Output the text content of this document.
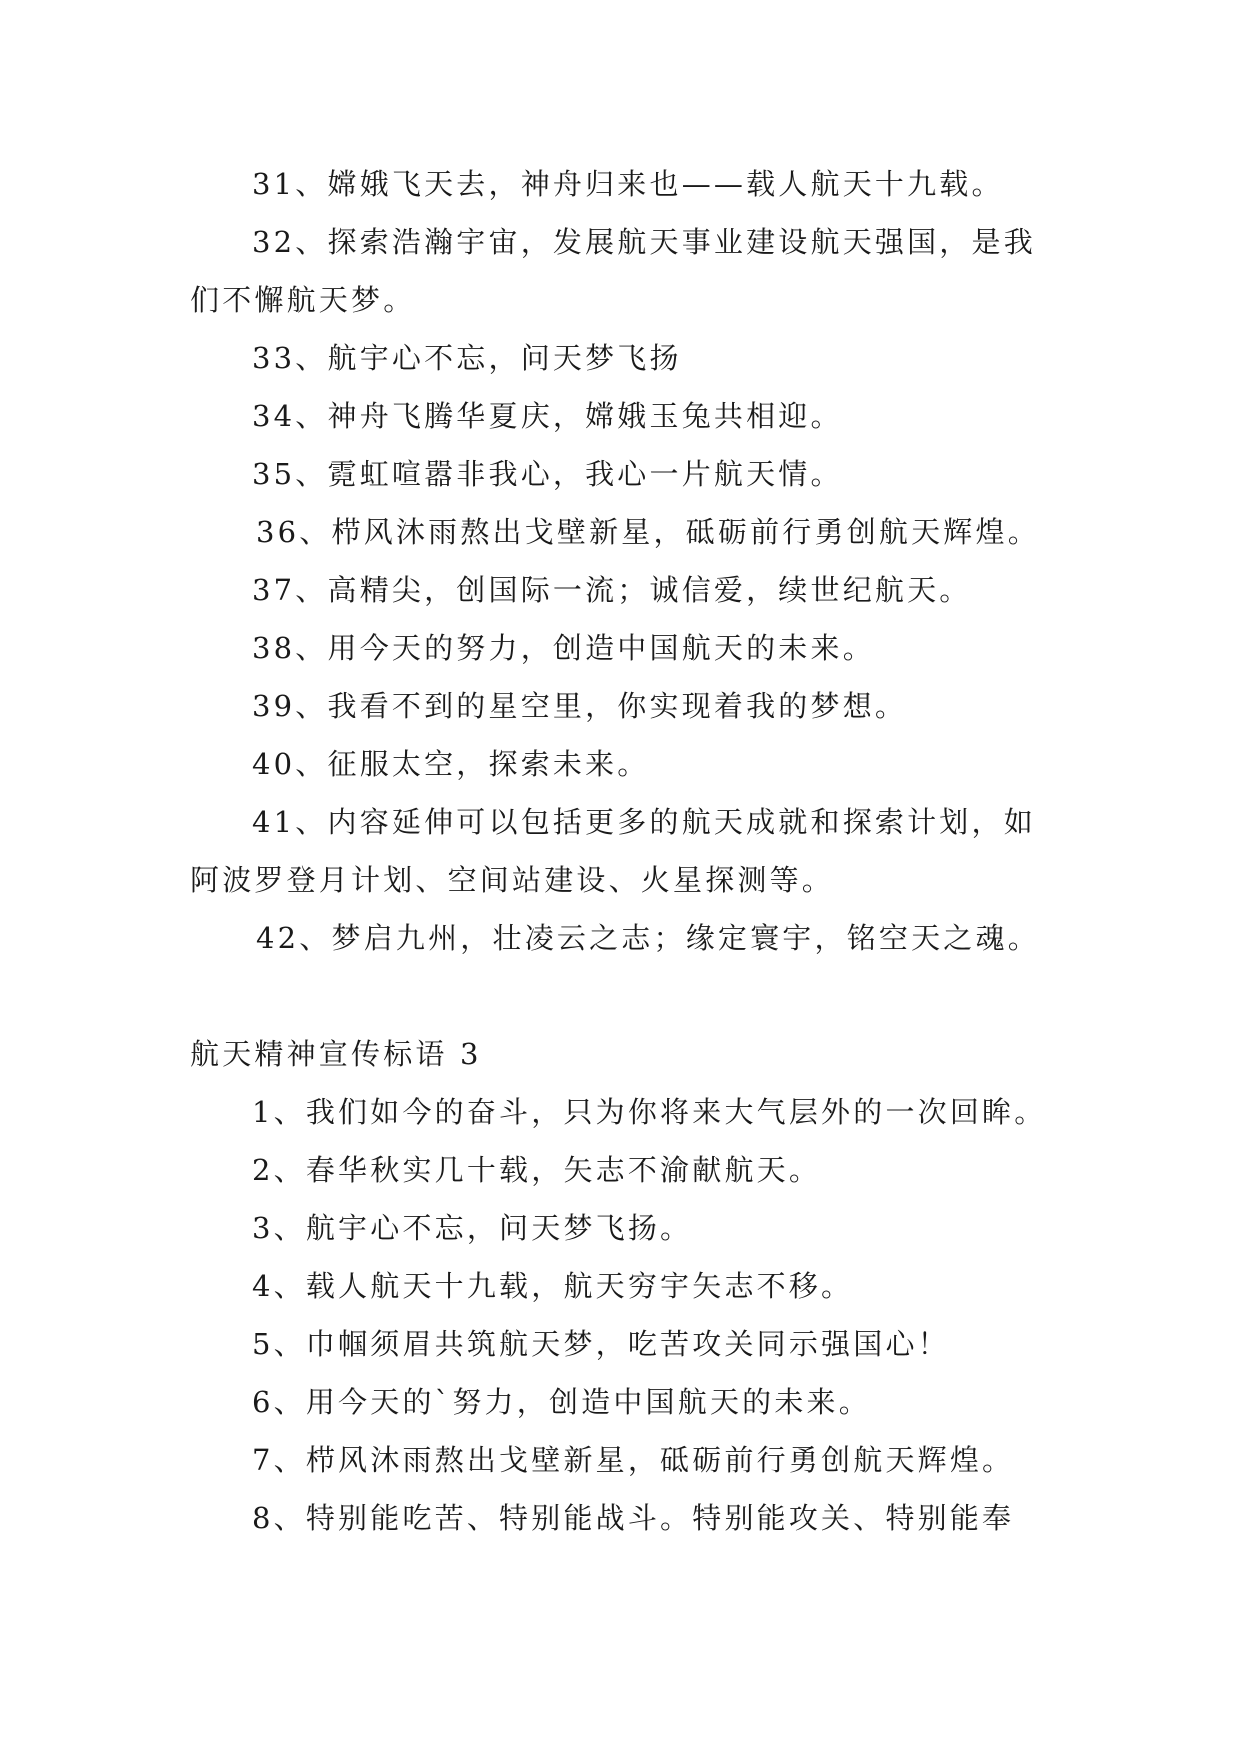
31、嫦娥飞天去，神舟归来也——载人航天十九载。
32、探索浩瀚宇宙，发展航天事业建设航天强国，是我
们不懈航天梦。
33、航宇心不忘，问天梦飞扬
34、神舟飞腾华夏庆，嫦娥玉兔共相迎。
35、霓虹喧嚣非我心，我心一片航天情。
36、栉风沐雨熬出戈壁新星，砥砺前行勇创航天辉煌。
37、高精尖，创国际一流；诚信爱，续世纪航天。
38、用今天的努力，创造中国航天的未来。
39、我看不到的星空里，你实现着我的梦想。
40、征服太空，探索未来。
41、内容延伸可以包括更多的航天成就和探索计划，如
阿波罗登月计划、空间站建设、火星探测等。
42、梦启九州，壮凌云之志；缘定寰宇，铭空天之魂。
航天精神宣传标语 3
1、我们如今的奋斗，只为你将来大气层外的一次回眸。
2、春华秋实几十载，矢志不渝献航天。
3、航宇心不忘，问天梦飞扬。
4、载人航天十九载，航天穷宇矢志不移。
5、巾帼须眉共筑航天梦，吃苦攻关同示强国心！
6、用今天的`努力，创造中国航天的未来。
7、栉风沐雨熬出戈壁新星，砥砺前行勇创航天辉煌。
8、特别能吃苦、特别能战斗。特别能攻关、特别能奉
